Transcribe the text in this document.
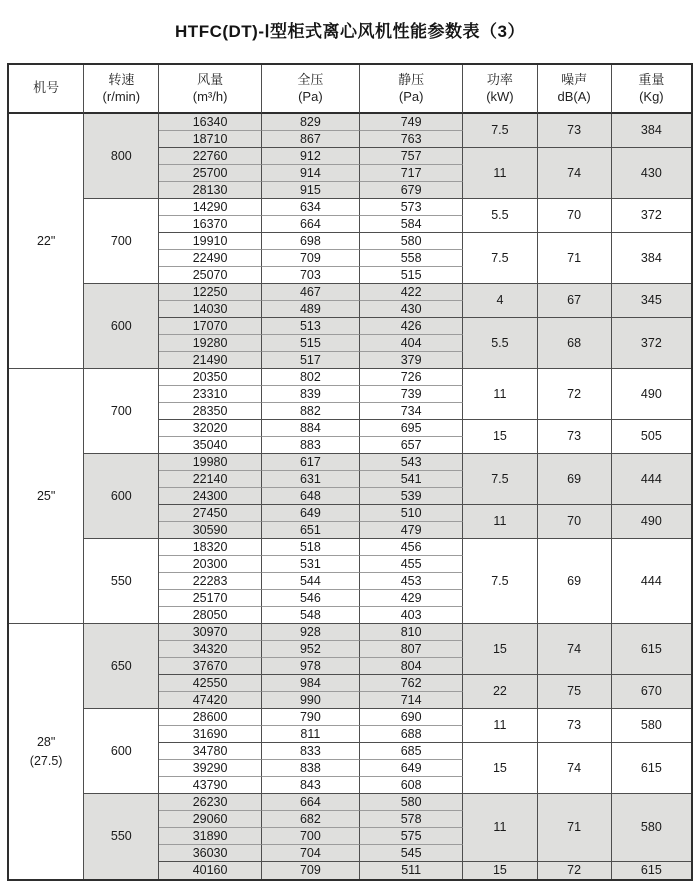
HTFC(DT)-Ⅰ型柜式离心风机性能参数表（3）
机号	
转速
(r/min)

风量
(m³/h)

全压
(Pa)

静压
(Pa)

功率
(kW)

噪声
dB(A)

重量
(Kg)

22"	800	16340	829	749	7.5	73	384
		18710	867	763			
		22760	912	757	11	74	430
		25700	914	717			
		28130	915	679			
	700	14290	634	573	5.5	70	372
		16370	664	584			
		19910	698	580	7.5	71	384
		22490	709	558			
		25070	703	515			
	600	12250	467	422	4	67	345
		14030	489	430			
		17070	513	426	5.5	68	372
		19280	515	404			
		21490	517	379			
25"	700	20350	802	726	11	72	490
		23310	839	739			
		28350	882	734			
		32020	884	695	15	73	505
		35040	883	657			
	600	19980	617	543	7.5	69	444
		22140	631	541			
		24300	648	539			
		27450	649	510	11	70	490
		30590	651	479			
	550	18320	518	456	7.5	69	444
		20300	531	455			
		22283	544	453			
		25170	546	429			
		28050	548	403			

28"
(27.5)	650	30970	928	810	15	74	615
		34320	952	807			
		37670	978	804			
		42550	984	762	22	75	670
		47420	990	714			
	600	28600	790	690	11	73	580
		31690	811	688			
		34780	833	685	15	74	615
		39290	838	649			
		43790	843	608			
	550	26230	664	580	11	71	580
		29060	682	578			
		31890	700	575			
		36030	704	545			
		40160	709	511	15	72	615
